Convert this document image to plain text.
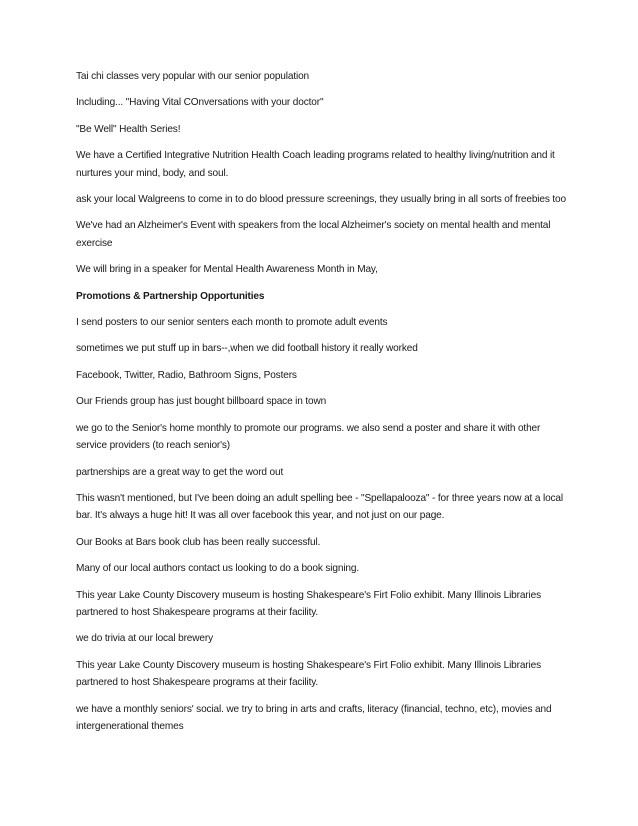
Tai chi classes very popular with our senior population

Including... "Having Vital COnversations with your doctor"

"Be Well" Health Series!

We have a Certified Integrative Nutrition Health Coach leading programs related to healthy living/nutrition and it nurtures your mind, body, and soul.

ask your local Walgreens to come in to do blood pressure screenings, they usually bring in all sorts of freebies too

We've had an Alzheimer's Event with speakers from the local Alzheimer's society on mental health and mental exercise

We will bring in a speaker for Mental Health Awareness Month in May,

Promotions & Partnership Opportunities

I send posters to our senior senters each month to promote adult events

sometimes we put stuff up in bars--,when we did football history it really worked

Facebook, Twitter, Radio, Bathroom Signs, Posters

Our Friends group has just bought billboard space in town

we go to the Senior's home monthly to promote our programs. we also send a poster and share it with other service providers (to reach senior's)

partnerships are a great way to get the word out

This wasn't mentioned, but I've been doing an adult spelling bee - "Spellapalooza" - for three years now at a local bar. It's always a huge hit! It was all over facebook this year, and not just on our page.

Our Books at Bars book club has been really successful.

Many of our local authors contact us looking to do a book signing.

This year Lake County Discovery museum is hosting Shakespeare's Firt Folio exhibit. Many Illinois Libraries partnered to host Shakespeare programs at their facility.

we do trivia at our local brewery

This year Lake County Discovery museum is hosting Shakespeare's Firt Folio exhibit. Many Illinois Libraries partnered to host Shakespeare programs at their facility.

we have a monthly seniors' social. we try to bring in arts and crafts, literacy (financial, techno, etc), movies and intergenerational themes
